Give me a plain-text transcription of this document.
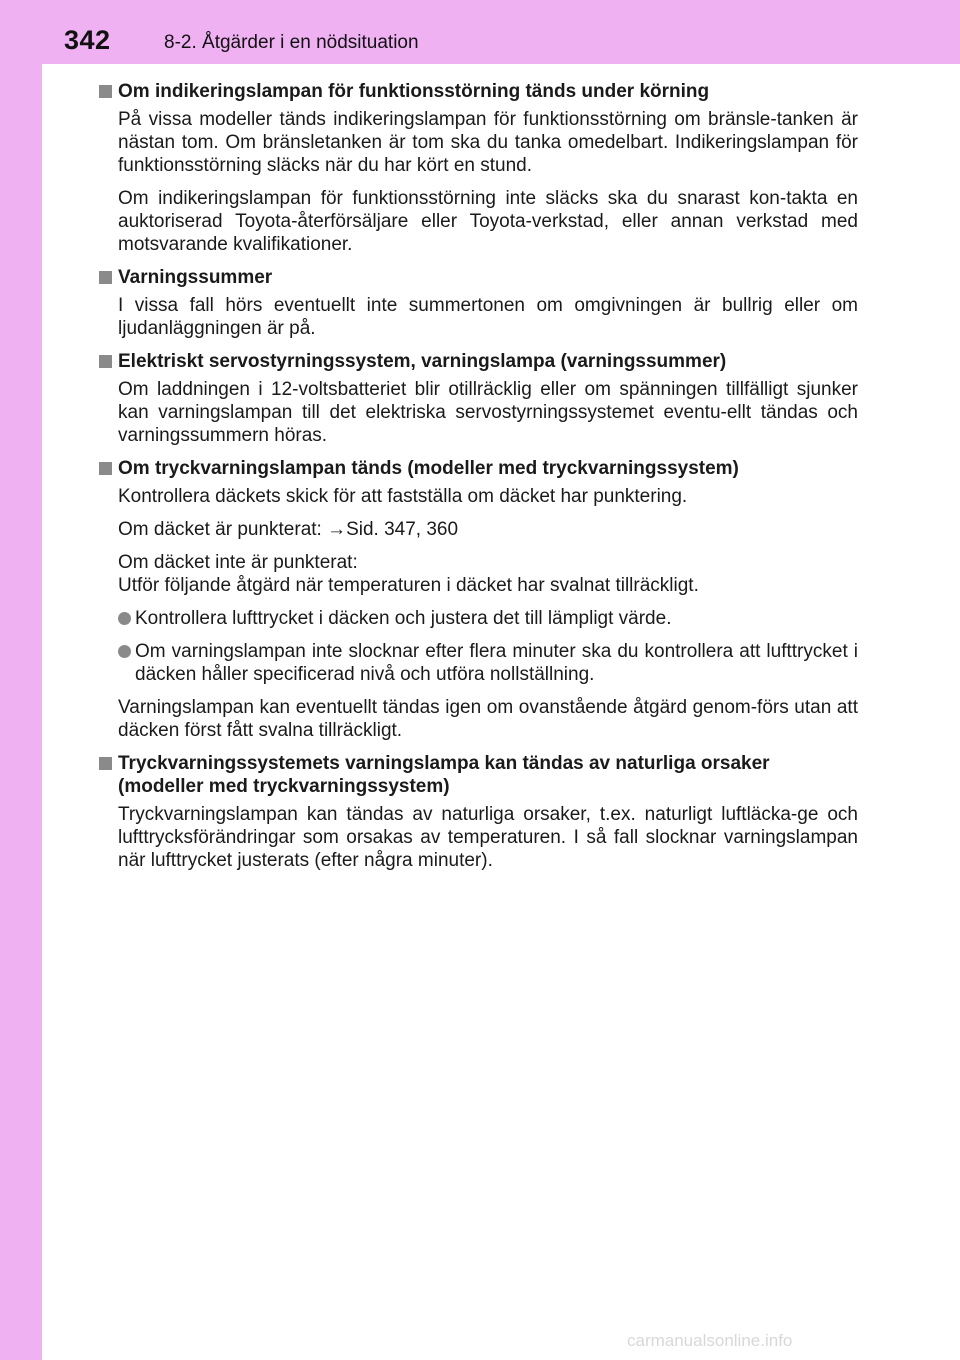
342	8-2. Åtgärder i en nödsituation
Om indikeringslampan för funktionsstörning tänds under körning

På vissa modeller tänds indikeringslampan för funktionsstörning om bränsle-tanken är nästan tom. Om bränsletanken är tom ska du tanka omedelbart. Indikeringslampan för funktionsstörning släcks när du har kört en stund.

Om indikeringslampan för funktionsstörning inte släcks ska du snarast kon-takta en auktoriserad Toyota-återförsäljare eller Toyota-verkstad, eller annan verkstad med motsvarande kvalifikationer.

Varningssummer

I vissa fall hörs eventuellt inte summertonen om omgivningen är bullrig eller om ljudanläggningen är på.

Elektriskt servostyrningssystem, varningslampa (varningssummer)

Om laddningen i 12-voltsbatteriet blir otillräcklig eller om spänningen tillfälligt sjunker kan varningslampan till det elektriska servostyrningssystemet eventu-ellt tändas och varningssummern höras.

Om tryckvarningslampan tänds (modeller med tryckvarningssystem)

Kontrollera däckets skick för att fastställa om däcket har punktering.

Om däcket är punkterat: →Sid. 347, 360

Om däcket inte är punkterat:
Utför följande åtgärd när temperaturen i däcket har svalnat tillräckligt.

Kontrollera lufttrycket i däcken och justera det till lämpligt värde.
Om varningslampan inte slocknar efter flera minuter ska du kontrollera att lufttrycket i däcken håller specificerad nivå och utföra nollställning.

Varningslampan kan eventuellt tändas igen om ovanstående åtgärd genom-förs utan att däcken först fått svalna tillräckligt.

Tryckvarningssystemets varningslampa kan tändas av naturliga orsaker (modeller med tryckvarningssystem)

Tryckvarningslampan kan tändas av naturliga orsaker, t.ex. naturligt luftläcka-ge och lufttrycksförändringar som orsakas av temperaturen. I så fall slocknar varningslampan när lufttrycket justerats (efter några minuter).

carmanualsonline.info
